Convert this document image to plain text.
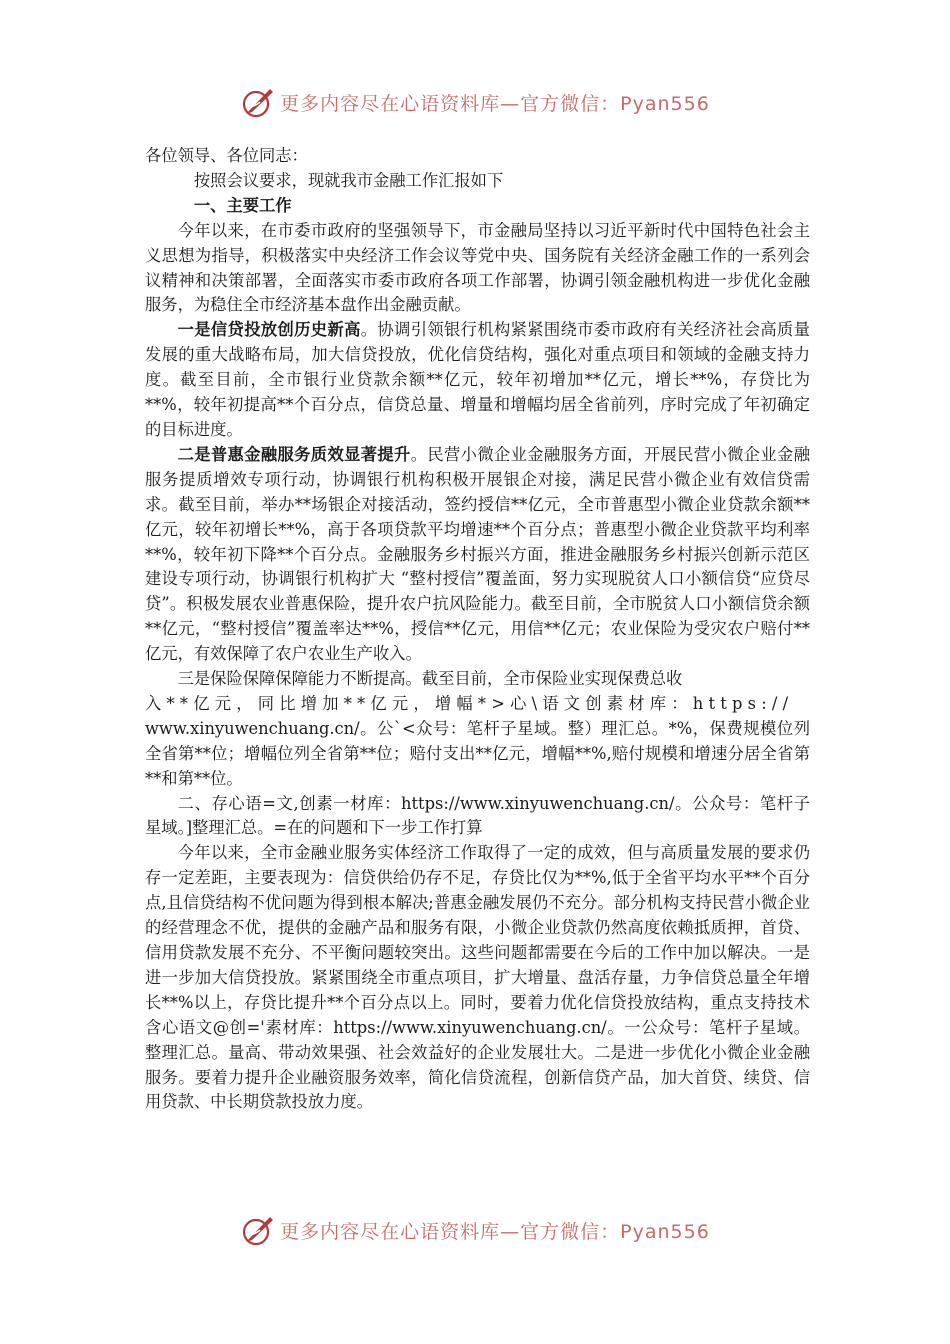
更多内容尽在心语资料库—官方微信：Pyan556

各位领导、各位同志：

按照会议要求，现就我市金融工作汇报如下

一、主要工作

今年以来，在市委市政府的坚强领导下，市金融局坚持以习近平新时代中国特色社会主义思想为指导，积极落实中央经济工作会议等党中央、国务院有关经济金融工作的一系列会议精神和决策部署，全面落实市委市政府各项工作部署，协调引领金融机构进一步优化金融服务，为稳住全市经济基本盘作出金融贡献。

一是信贷投放创历史新高。协调引领银行机构紧紧围绕市委市政府有关经济社会高质量发展的重大战略布局，加大信贷投放，优化信贷结构，强化对重点项目和领域的金融支持力度。截至目前，全市银行业贷款余额**亿元，较年初增加**亿元，增长**%，存贷比为**%，较年初提高**个百分点，信贷总量、增量和增幅均居全省前列，序时完成了年初确定的目标进度。

二是普惠金融服务质效显著提升。民营小微企业金融服务方面，开展民营小微企业金融服务提质增效专项行动，协调银行机构积极开展银企对接，满足民营小微企业有效信贷需求。截至目前，举办**场银企对接活动，签约授信**亿元，全市普惠型小微企业贷款余额**亿元，较年初增长**%，高于各项贷款平均增速**个百分点；普惠型小微企业贷款平均利率**%，较年初下降**个百分点。金融服务乡村振兴方面，推进金融服务乡村振兴创新示范区建设专项行动，协调银行机构扩大 “整村授信”覆盖面，努力实现脱贫人口小额信贷“应贷尽贷”。积极发展农业普惠保险，提升农户抗风险能力。截至目前，全市脱贫人口小额信贷余额**亿元，“整村授信”覆盖率达**%，授信**亿元，用信**亿元；农业保险为受灾农户赔付**亿元，有效保障了农户农业生产收入。

三是保险保障保障能力不断提高。截至目前，全市保险业实现保费总收
入**亿元，同比增加**亿元，增幅*>心\语文创素材库：https://
www.xinyuwenchuang.cn/。公`<众号：笔杆子星域。整）理汇总。*%，保费规模位列全省第**位；增幅位列全省第**位；赔付支出**亿元，增幅**%,赔付规模和增速分居全省第**和第**位。

二、存心语=文,创素一材库：https://www.xinyuwenchuang.cn/。公众号：笔杆子星域。]整理汇总。=在的问题和下一步工作打算

今年以来，全市金融业服务实体经济工作取得了一定的成效，但与高质量发展的要求仍存一定差距，主要表现为：信贷供给仍存不足，存贷比仅为**%,低于全省平均水平**个百分点,且信贷结构不优问题为得到根本解决;普惠金融发展仍不充分。部分机构支持民营小微企业的经营理念不优，提供的金融产品和服务有限，小微企业贷款仍然高度依赖抵质押，首贷、信用贷款发展不充分、不平衡问题较突出。这些问题都需要在今后的工作中加以解决。一是进一步加大信贷投放。紧紧围绕全市重点项目，扩大增量、盘活存量，力争信贷总量全年增长**%以上，存贷比提升**个百分点以上。同时，要着力优化信贷投放结构，重点支持技术含心语文@创='素材库：https://www.xinyuwenchuang.cn/。一公众号：笔杆子星域。整理汇总。量高、带动效果强、社会效益好的企业发展壮大。二是进一步优化小微企业金融服务。要着力提升企业融资服务效率，简化信贷流程，创新信贷产品，加大首贷、续贷、信用贷款、中长期贷款投放力度。

更多内容尽在心语资料库—官方微信：Pyan556
